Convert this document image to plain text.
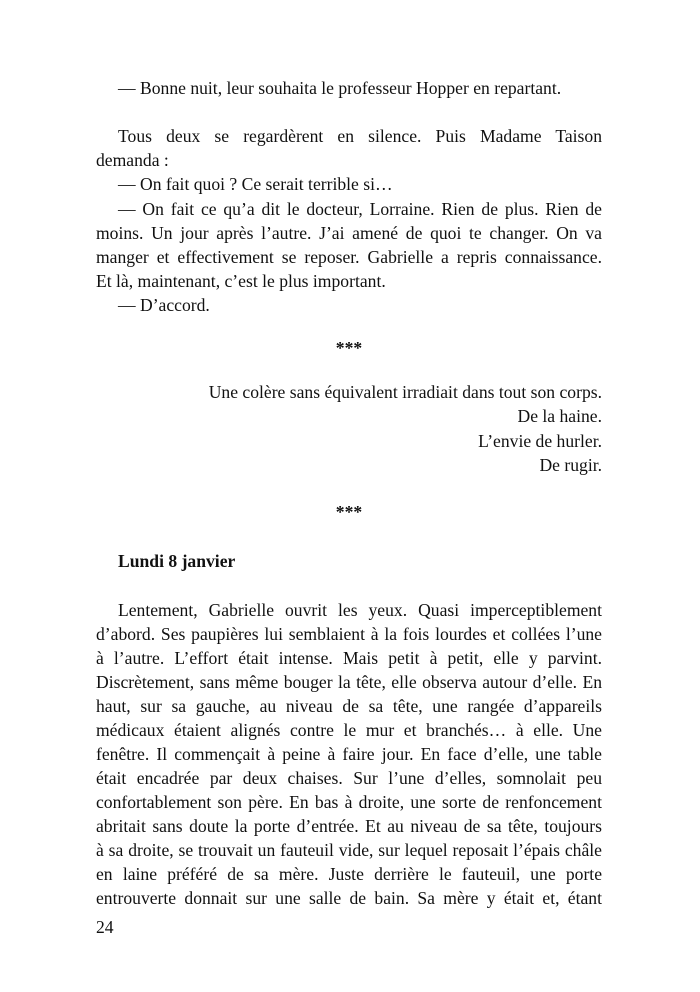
— Bonne nuit, leur souhaita le professeur Hopper en repartant.
Tous deux se regardèrent en silence. Puis Madame Taison
demanda :
— On fait quoi ? Ce serait terrible si…
— On fait ce qu’a dit le docteur, Lorraine. Rien de plus. Rien de
moins. Un jour après l’autre. J’ai amené de quoi te changer. On va
manger et effectivement se reposer. Gabrielle a repris connaissance.
Et là, maintenant, c’est le plus important.
— D’accord.
***
Une colère sans équivalent irradiait dans tout son corps.
De la haine.
L’envie de hurler.
De rugir.
***
Lundi 8 janvier
Lentement, Gabrielle ouvrit les yeux. Quasi imperceptiblement
d’abord. Ses paupières lui semblaient à la fois lourdes et collées l’une
à l’autre. L’effort était intense. Mais petit à petit, elle y parvint.
Discrètement, sans même bouger la tête, elle observa autour d’elle. En
haut, sur sa gauche, au niveau de sa tête, une rangée d’appareils
médicaux étaient alignés contre le mur et branchés… à elle. Une
fenêtre. Il commençait à peine à faire jour. En face d’elle, une table
était encadrée par deux chaises. Sur l’une d’elles, somnolait peu
confortablement son père. En bas à droite, une sorte de renfoncement
abritait sans doute la porte d’entrée. Et au niveau de sa tête, toujours
à sa droite, se trouvait un fauteuil vide, sur lequel reposait l’épais châle
en laine préféré de sa mère. Juste derrière le fauteuil, une porte
entrouverte donnait sur une salle de bain. Sa mère y était et, étant
24
